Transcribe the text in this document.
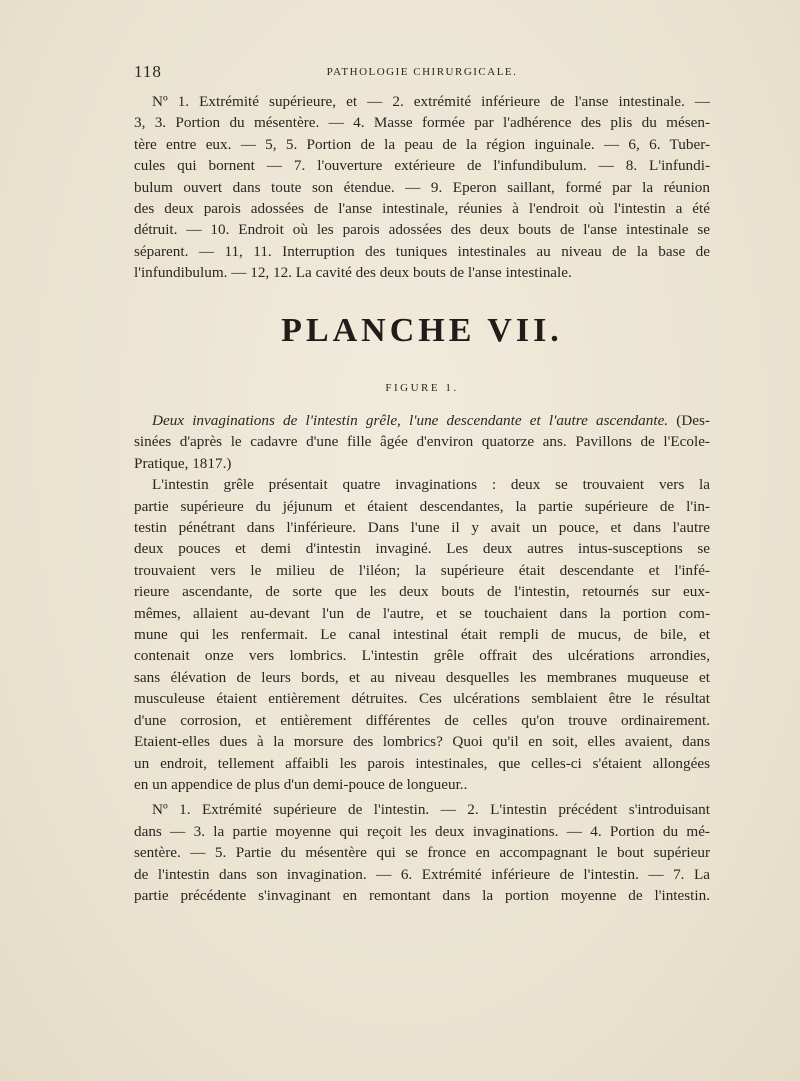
118	PATHOLOGIE CHIRURGICALE.

Nº 1. Extrémité supérieure, et — 2. extrémité inférieure de l'anse intestinale. —

3, 3. Portion du mésentère. — 4. Masse formée par l'adhérence des plis du mésen-

tère entre eux. — 5, 5. Portion de la peau de la région inguinale. — 6, 6. Tuber-

cules qui bornent — 7. l'ouverture extérieure de l'infundibulum. — 8. L'infundi-

bulum ouvert dans toute son étendue. — 9. Eperon saillant, formé par la réunion

des deux parois adossées de l'anse intestinale, réunies à l'endroit où l'intestin a été

détruit. — 10. Endroit où les parois adossées des deux bouts de l'anse intestinale se

séparent. — 11, 11. Interruption des tuniques intestinales au niveau de la base de

l'infundibulum. — 12, 12. La cavité des deux bouts de l'anse intestinale.

PLANCHE VII.
FIGURE 1.

Deux invaginations de l'intestin grêle, l'une descendante et l'autre ascendante. (Des-

sinées d'après le cadavre d'une fille âgée d'environ quatorze ans. Pavillons de l'Ecole-

Pratique, 1817.)

L'intestin grêle présentait quatre invaginations : deux se trouvaient vers la

partie supérieure du jéjunum et étaient descendantes, la partie supérieure de l'in-

testin pénétrant dans l'inférieure. Dans l'une il y avait un pouce, et dans l'autre

deux pouces et demi d'intestin invaginé. Les deux autres intus-susceptions se

trouvaient vers le milieu de l'iléon; la supérieure était descendante et l'infé-

rieure ascendante, de sorte que les deux bouts de l'intestin, retournés sur eux-

mêmes, allaient au-devant l'un de l'autre, et se touchaient dans la portion com-

mune qui les renfermait. Le canal intestinal était rempli de mucus, de bile, et

contenait onze vers lombrics. L'intestin grêle offrait des ulcérations arrondies,

sans élévation de leurs bords, et au niveau desquelles les membranes muqueuse et

musculeuse étaient entièrement détruites. Ces ulcérations semblaient être le résultat

d'une corrosion, et entièrement différentes de celles qu'on trouve ordinairement.

Etaient-elles dues à la morsure des lombrics? Quoi qu'il en soit, elles avaient, dans

un endroit, tellement affaibli les parois intestinales, que celles-ci s'étaient allongées

en un appendice de plus d'un demi-pouce de longueur..

Nº 1. Extrémité supérieure de l'intestin. — 2. L'intestin précédent s'introduisant

dans — 3. la partie moyenne qui reçoit les deux invaginations. — 4. Portion du mé-

sentère. — 5. Partie du mésentère qui se fronce en accompagnant le bout supérieur

de l'intestin dans son invagination. — 6. Extrémité inférieure de l'intestin. — 7. La

partie précédente s'invaginant en remontant dans la portion moyenne de l'intestin.
